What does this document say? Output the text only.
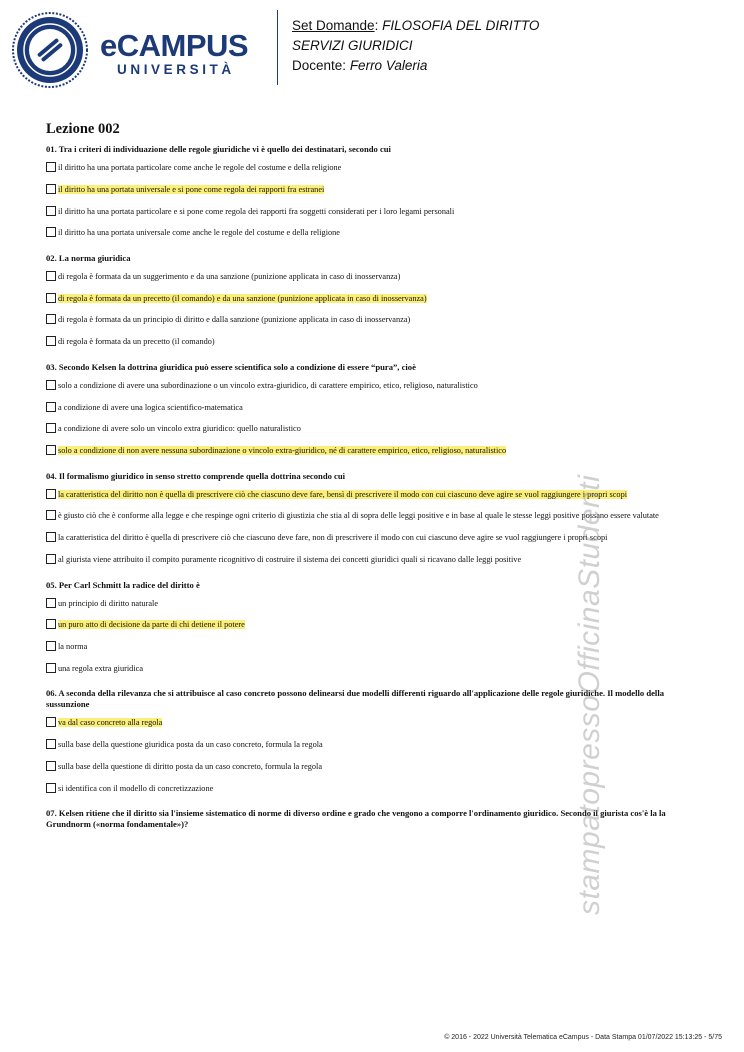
eCAMPUS
UNIVERSITÀ
Set Domande: FILOSOFIA DEL DIRITTO
SERVIZI GIURIDICI
Docente: Ferro Valeria
Lezione 002
01. Tra i criteri di individuazione delle regole giuridiche vi è quello dei destinatari, secondo cui
il diritto ha una portata particolare come anche le regole del costume e della religione
il diritto ha una portata universale e si pone come regola dei rapporti fra estranei
il diritto ha una portata particolare e si pone come regola dei rapporti fra soggetti considerati per i loro legami personali
il diritto ha una portata universale come anche le regole del costume e della religione
02. La norma giuridica
di regola è formata da un suggerimento e da una sanzione (punizione applicata in caso di inosservanza)
di regola è formata da un precetto (il comando) e da una sanzione (punizione applicata in caso di inosservanza)
di regola è formata da un principio di diritto e dalla sanzione (punizione applicata in caso di inosservanza)
di regola è formata da un precetto (il comando)
03. Secondo Kelsen la dottrina giuridica può essere scientifica solo a condizione di essere “pura”, cioè
solo a condizione di avere una subordinazione o un vincolo extra-giuridico, di carattere empirico, etico, religioso, naturalistico
a condizione di avere una logica scientifico-matematica
a condizione di avere solo un vincolo extra giuridico: quello naturalistico
solo a condizione di non avere nessuna subordinazione o vincolo extra-giuridico, né di carattere empirico, etico, religioso, naturalistico
04. Il formalismo giuridico in senso stretto comprende quella dottrina secondo cui
la caratteristica del diritto non è quella di prescrivere ciò che ciascuno deve fare, bensì di prescrivere il modo con cui ciascuno deve agire se vuol raggiungere i propri scopi
è giusto ciò che è conforme alla legge e che respinge ogni criterio di giustizia che stia al di sopra delle leggi positive e in base al quale le stesse leggi positive possano essere valutate
la caratteristica del diritto è quella di prescrivere ciò che ciascuno deve fare, non di prescrivere il modo con cui ciascuno deve agire se vuol raggiungere i propri scopi
al giurista viene attribuito il compito puramente ricognitivo di costruire il sistema dei concetti giuridici quali si ricavano dalle leggi positive
05. Per Carl Schmitt la radice del diritto è
un principio di diritto naturale
un puro atto di decisione da parte di chi detiene il potere
la norma
una regola extra giuridica
06. A seconda della rilevanza che si attribuisce al caso concreto possono delinearsi due modelli differenti riguardo all'applicazione delle regole giuridiche. Il modello della sussunzione
va dal caso concreto alla regola
sulla base della questione giuridica posta da un caso concreto, formula la regola
sulla base della questione di diritto posta da un caso concreto, formula la regola
si identifica con il modello di concretizzazione
07. Kelsen ritiene che il diritto sia l'insieme sistematico di norme di diverso ordine e grado che vengono a comporre l'ordinamento giuridico. Secondo il giurista cos'è la la Grundnorm («norma fondamentale»)?	stampatopressoOfficinaStudenti
© 2016 - 2022 Università Telematica eCampus - Data Stampa 01/07/2022 15:13:25 - 5/75
